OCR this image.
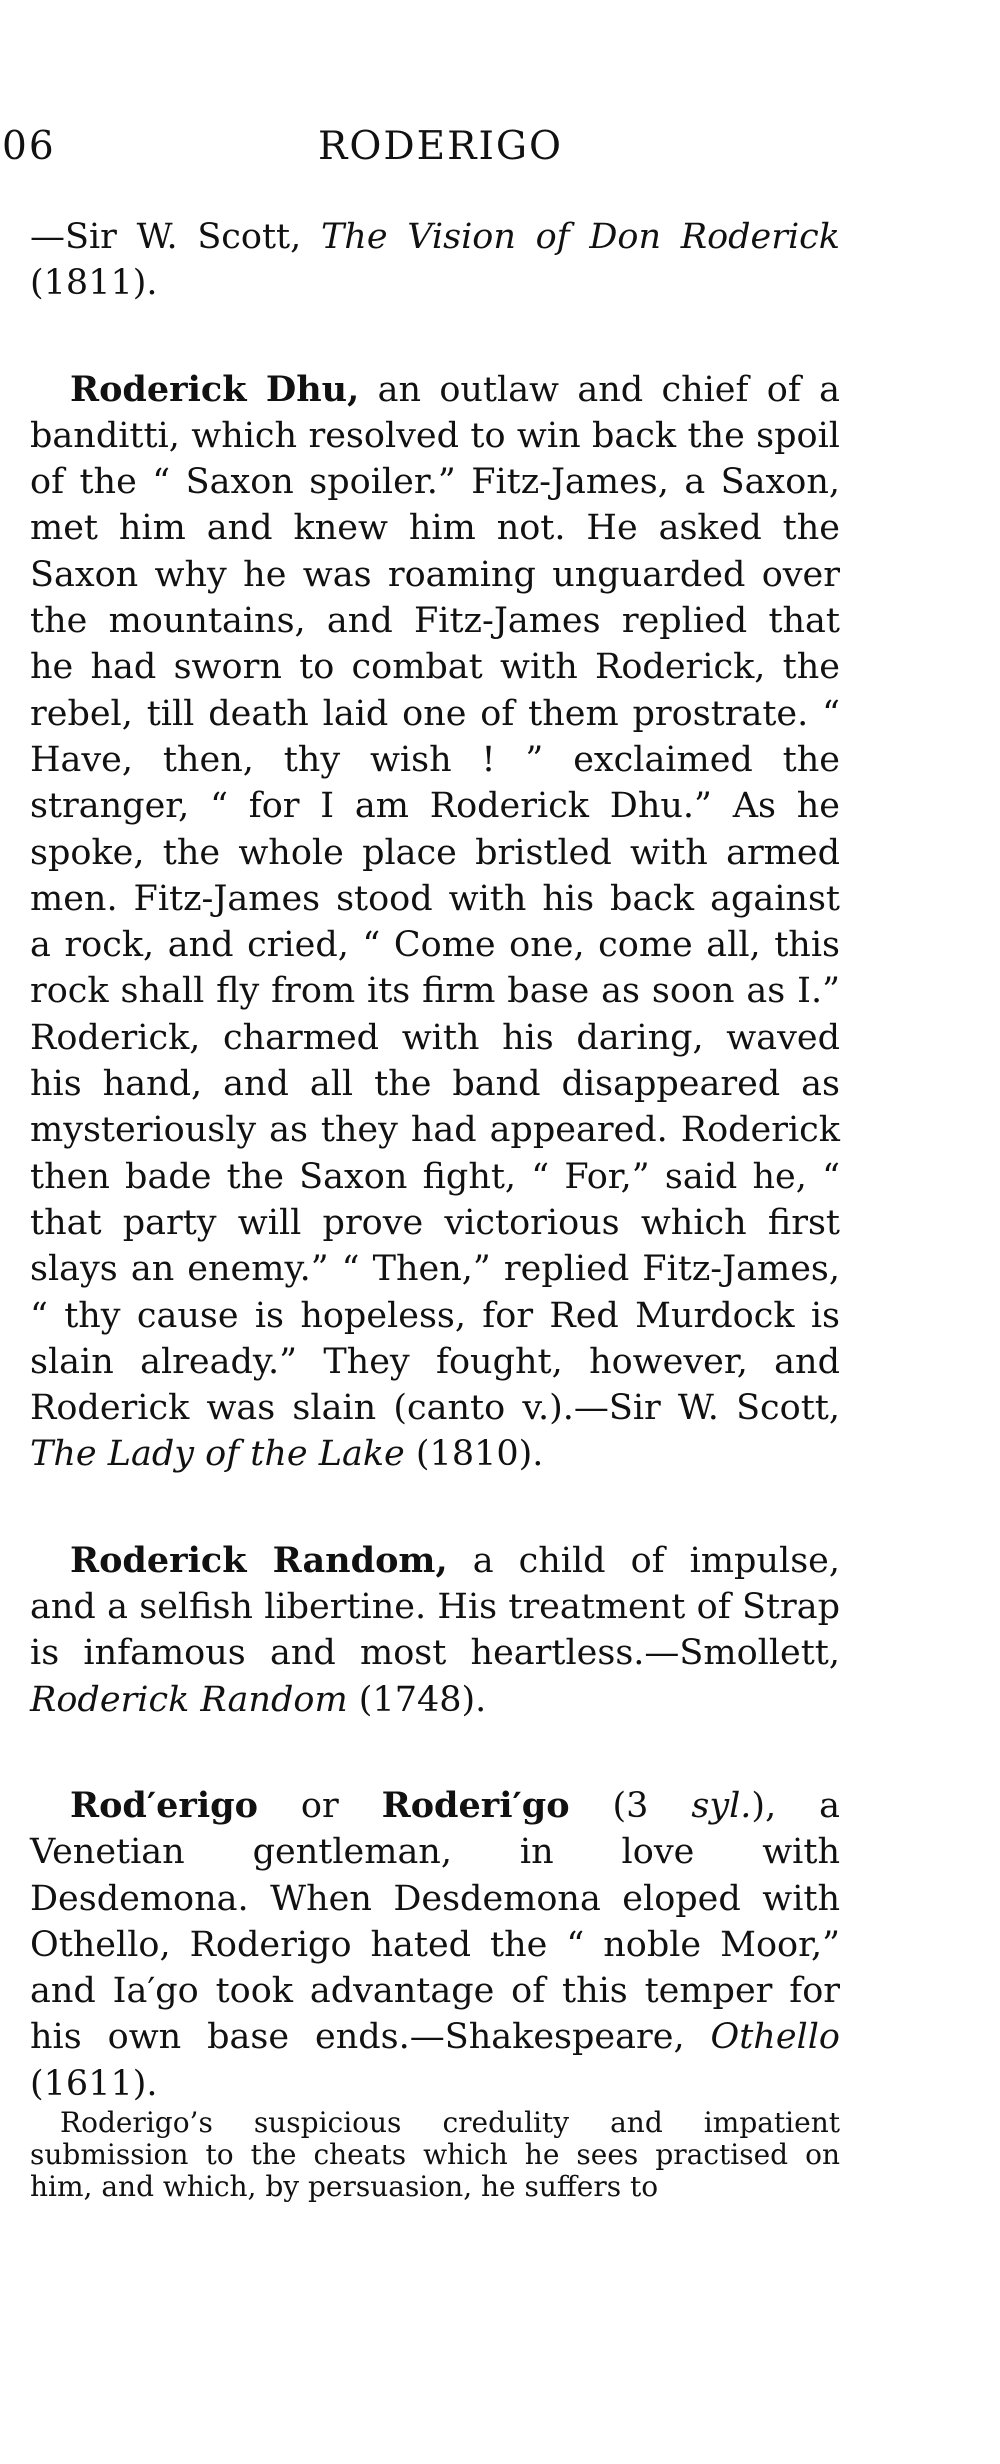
06	RODERIGO

—Sir W. Scott, The Vision of Don Roderick (1811).

Roderick Dhu, an outlaw and chief of a banditti, which resolved to win back the spoil of the “ Saxon spoiler.” Fitz-James, a Saxon, met him and knew him not. He asked the Saxon why he was roaming unguarded over the mountains, and Fitz-James replied that he had sworn to combat with Roderick, the rebel, till death laid one of them prostrate. “ Have, then, thy wish ! ” exclaimed the stranger, “ for I am Roderick Dhu.” As he spoke, the whole place bristled with armed men. Fitz-James stood with his back against a rock, and cried, “ Come one, come all, this rock shall fly from its firm base as soon as I.” Roderick, charmed with his daring, waved his hand, and all the band disappeared as mysteriously as they had appeared. Roderick then bade the Saxon fight, “ For,” said he, “ that party will prove victorious which first slays an enemy.” “ Then,” replied Fitz-James, “ thy cause is hopeless, for Red Murdock is slain already.” They fought, however, and Roderick was slain (canto v.).—Sir W. Scott, The Lady of the Lake (1810).

Roderick Random, a child of impulse, and a selfish libertine. His treatment of Strap is infamous and most heartless.—Smollett, Roderick Random (1748).

Rod′erigo or Roderi′go (3 syl.), a Venetian gentleman, in love with Desdemona. When Desdemona eloped with Othello, Roderigo hated the “ noble Moor,” and Ia′go took advantage of this temper for his own base ends.—Shakespeare, Othello (1611).

Roderigo’s suspicious credulity and impatient submission to the cheats which he sees practised on him, and which, by persuasion, he suffers to
